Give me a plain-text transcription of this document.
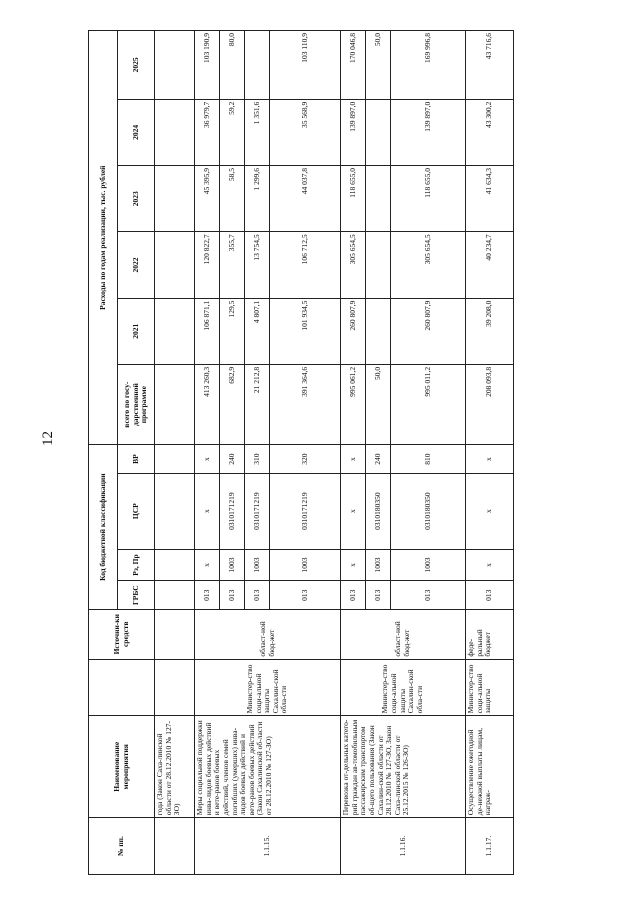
12
№ пп.	Наименование мероприятия		Источни-ки средств	Код бюджетной классификации				Расходы по годам реализации, тыс. рублей					
				ГРБС	Рз, Пр	ЦСР	ВР	всего по госу-дарственной программе	2021	2022	2023	2024	2025
	года (Закон Саха-линской области от 28.12.2010 № 127-ЗО)												
1.1.15.	Меры социальной поддержки инва-лидов боевых действий и вете-ранов боевых действий, членов семей погибших (умерших) инва-лидов боевых действий и вете-ранов боевых действий (Закон Сахалинской об-ласти от 28.12.2010 № 127-ЗО)	Министер-ство соци-альной защиты Сахалин-ской обла-сти	област-ной бюд-жет	013	х	х	х	413 260,3	106 871,1	120 822,7	45 395,9	36 979,7	103 190,9
				013	1003	0310171219	240	682,9	129,5	355,7	58,5	59,2	80,0
				013	1003	0310171219	310	21 212,8	4 807,1	13 754,5	1 299,6	1 351,6	
				013	1003	0310171219	320	391 364,6	101 934,5	106 712,5	44 037,8	35 568,9	103 110,9
1.1.16.	Перевозка от-дельных катего-рий граждан ав-томобильным пассажирским транспортом об-щего пользования (Закон Сахалин-ской области от 28.12.2010 № 127-ЗО, Закон Саха-линской области от 25.12.2015 № 126-ЗО)	Министер-ство соци-альной защиты Сахалин-ской обла-сти	област-ной бюд-жет	013	х	х	х	995 061,2	260 807,9	305 654,5	118 655,0	139 897,0	170 046,8
				013	1003	0310180350	240	50,0					50,0
				013	1003	0310180350	810	995 011,2	260 807,9	305 654,5	118 655,0	139 897,0	169 996,8
1.1.17.	Осуществление ежегодной де-нежной выплаты лицам, награж-	Министер-ство соци-альной защиты	феде-ральный бюджет	013	х	х	х	208 093,8	39 208,0	40 234,7	41 634,3	43 300,2	43 716,6
